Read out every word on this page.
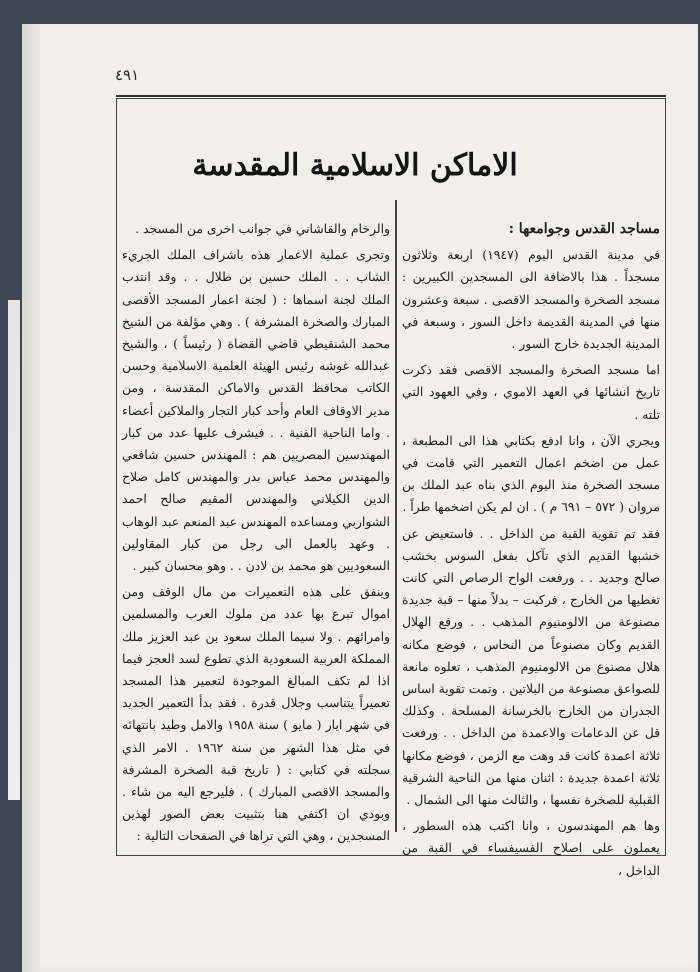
٤٩١
الاماكن الاسلامية المقدسة

مساجد القدس وجوامعها :

في مدينة القدس اليوم (١٩٤٧) اربعة وثلاثون مسجداً . هذا بالاضافة الى المسجدين الكبيرين : مسجد الصخرة والمسجد الاقصى . سبعة وعشرون منها في المدينة القديمة داخل السور ، وسبعة في المدينة الجديدة خارج السور .

اما مسجد الصخرة والمسجد الاقصى فقد ذكرت تاريخ انشائها في العهد الاموي ، وفي العهود التي تلته .

ويجري الآن ، وانا ادفع بكتابي هذا الى المطبعة ، عمل من اضخم اعمال التعمير التي قامت في مسجد الصخرة منذ اليوم الذي بناه عبد الملك بن مروان ( ٥٧٢ – ٦٩١ م ) . ان لم يكن اضخمها طراً .

فقد تم تقوية القبة من الداخل . . فاستعيض عن خشبها القديم الذي تآكل بفعل السوس بخشب صالح وجديد . . ورفعت الواح الرصاص التي كانت تغطيها من الخارج ، فركبت – بدلاً منها – قبة جديدة مصنوعة من الالومنيوم المذهب . . ورفع الهلال القديم وكان مصنوعاً من النحاس ، فوضع مكانه هلال مصنوع من الالومنيوم المذهب ، تعلوه مانعة للصواعق مصنوعة من البلاتين . وتمت تقوية اساس الجدران من الخارج بالخرسانة المسلحة . وكذلك قل عن الدعامات والاعمدة من الداخل . . ورفعت ثلاثة اعمدة كانت قد وهت مع الزمن ، فوضع مكانها ثلاثة اعمدة جديدة : اثنان منها من الناحية الشرقية القبلية للصخرة نفسها ، والثالث منها الى الشمال .

وها هم المهندسون ، وانا اكتب هذه السطور ، يعملون على اصلاح الفسيفساء في القبة من الداخل ،

والرخام والقاشاني في جوانب اخرى من المسجد .

وتجرى عملية الاعمار هذه باشراف الملك الجريء الشاب . . الملك حسين بن طلال . . وقد انتدب الملك لجنة اسماها : ( لجنة اعمار المسجد الأقصى المبارك والصخرة المشرفة ) . وهي مؤلفة من الشيخ محمد الشنقيطي قاضي القضاة ( رئيساً ) ، والشيخ عبدالله غوشه رئيس الهيئة العلمية الاسلامية وحسن الكاتب محافظ القدس والاماكن المقدسة ، ومن مدير الاوقاف العام وأحد كبار التجار والملاكين أعضاء . واما الناحية الفنية . . فيشرف عليها عدد من كبار المهندسين المصريين هم : المهندس حسين شافعي والمهندس محمد عباس بدر والمهندس كامل صلاح الدين الكيلاني والمهندس المقيم صالح احمد الشواربي ومساعده المهندس عبد المنعم عبد الوهاب . وعهد بالعمل الى رجل من كبار المقاولين السعوديين هو محمد بن لادن . . وهو محسان كبير .

وينفق على هذه التعميرات من مال الوقف ومن اموال تبرع بها عدد من ملوك العرب والمسلمين وامرائهم . ولا سيما الملك سعود بن عبد العزيز ملك المملكة العربية السعودية الذي تطوع لسد العجز فيما اذا لم تكف المبالغ الموجودة لتعمير هذا المسجد تعميراً يتناسب وجلال قدرة . فقد بدأ التعمير الجديد في شهر ايار ( مايو ) سنة ١٩٥٨ والامل وطيد بانتهائه في مثل هذا الشهر من سنة ١٩٦٢ . الامر الذي سجلته في كتابي : ( تاريخ قبة الصخرة المشرفة والمسجد الاقصى المبارك ) . فليرجع اليه من شاء . وبودي ان اكتفي هنا بتثبيت بعض الصور لهذين المسجدين ، وهي التي تراها في الصفحات التالية :
